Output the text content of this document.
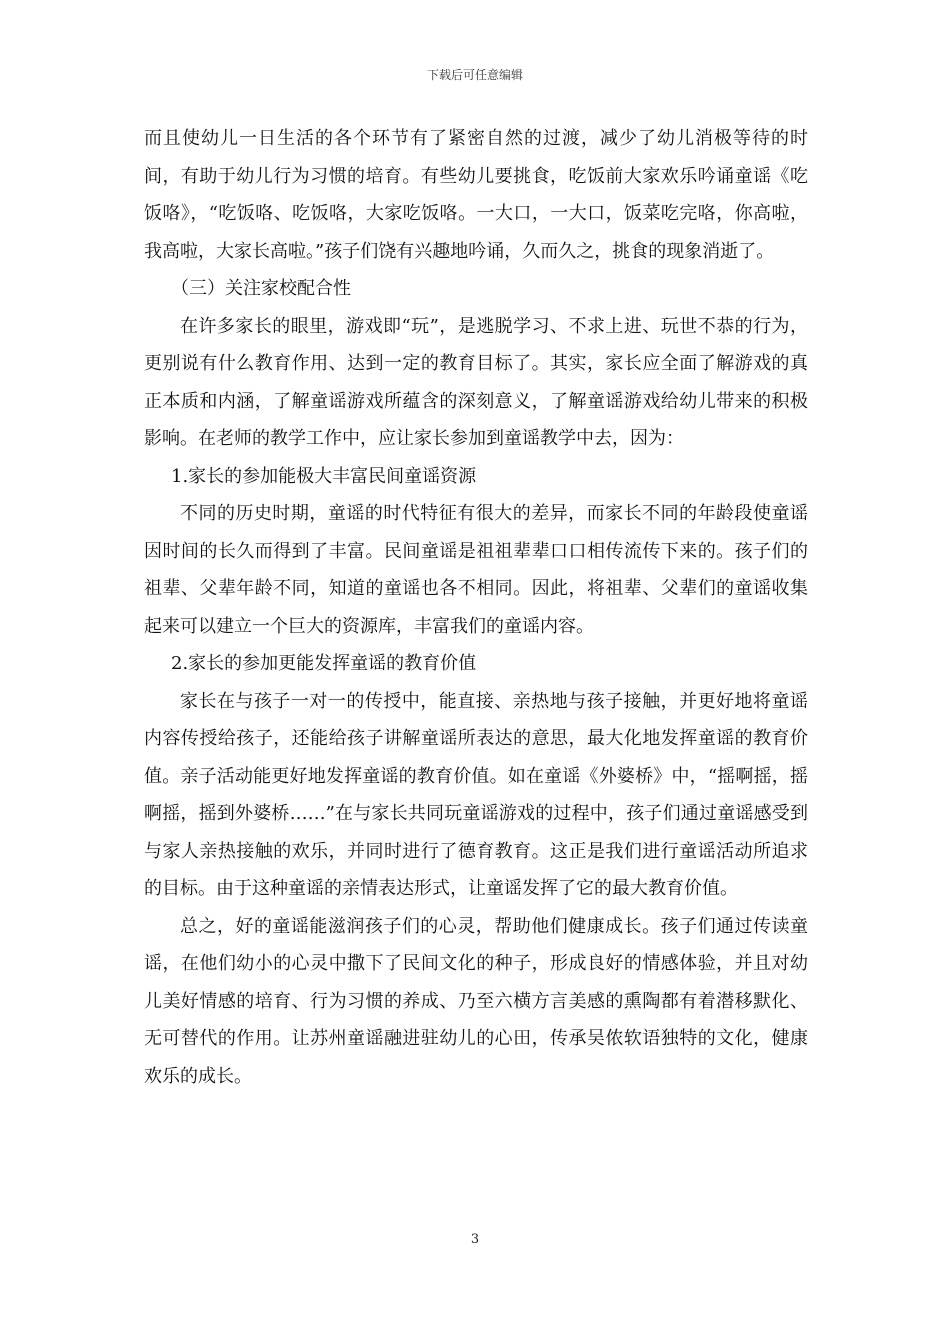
下载后可任意编辑

而且使幼儿一日生活的各个环节有了紧密自然的过渡，减少了幼儿消极等待的时间，有助于幼儿行为习惯的培育。有些幼儿要挑食，吃饭前大家欢乐吟诵童谣《吃饭咯》，“吃饭咯、吃饭咯，大家吃饭咯。一大口，一大口，饭菜吃完咯，你高啦，我高啦，大家长高啦。”孩子们饶有兴趣地吟诵，久而久之，挑食的现象消逝了。

（三）关注家校配合性

在许多家长的眼里，游戏即“玩”，是逃脱学习、不求上进、玩世不恭的行为，更别说有什么教育作用、达到一定的教育目标了。其实，家长应全面了解游戏的真正本质和内涵，了解童谣游戏所蕴含的深刻意义，了解童谣游戏给幼儿带来的积极影响。在老师的教学工作中，应让家长参加到童谣教学中去，因为：

1.家长的参加能极大丰富民间童谣资源

不同的历史时期，童谣的时代特征有很大的差异，而家长不同的年龄段使童谣因时间的长久而得到了丰富。民间童谣是祖祖辈辈口口相传流传下来的。孩子们的祖辈、父辈年龄不同，知道的童谣也各不相同。因此，将祖辈、父辈们的童谣收集起来可以建立一个巨大的资源库，丰富我们的童谣内容。

2.家长的参加更能发挥童谣的教育价值

家长在与孩子一对一的传授中，能直接、亲热地与孩子接触，并更好地将童谣内容传授给孩子，还能给孩子讲解童谣所表达的意思，最大化地发挥童谣的教育价值。亲子活动能更好地发挥童谣的教育价值。如在童谣《外婆桥》中，“摇啊摇，摇啊摇，摇到外婆桥……”在与家长共同玩童谣游戏的过程中，孩子们通过童谣感受到与家人亲热接触的欢乐，并同时进行了德育教育。这正是我们进行童谣活动所追求的目标。由于这种童谣的亲情表达形式，让童谣发挥了它的最大教育价值。

总之，好的童谣能滋润孩子们的心灵，帮助他们健康成长。孩子们通过传读童谣，在他们幼小的心灵中撒下了民间文化的种子，形成良好的情感体验，并且对幼儿美好情感的培育、行为习惯的养成、乃至六横方言美感的熏陶都有着潜移默化、无可替代的作用。让苏州童谣融进驻幼儿的心田，传承吴侬软语独特的文化，健康欢乐的成长。

3
